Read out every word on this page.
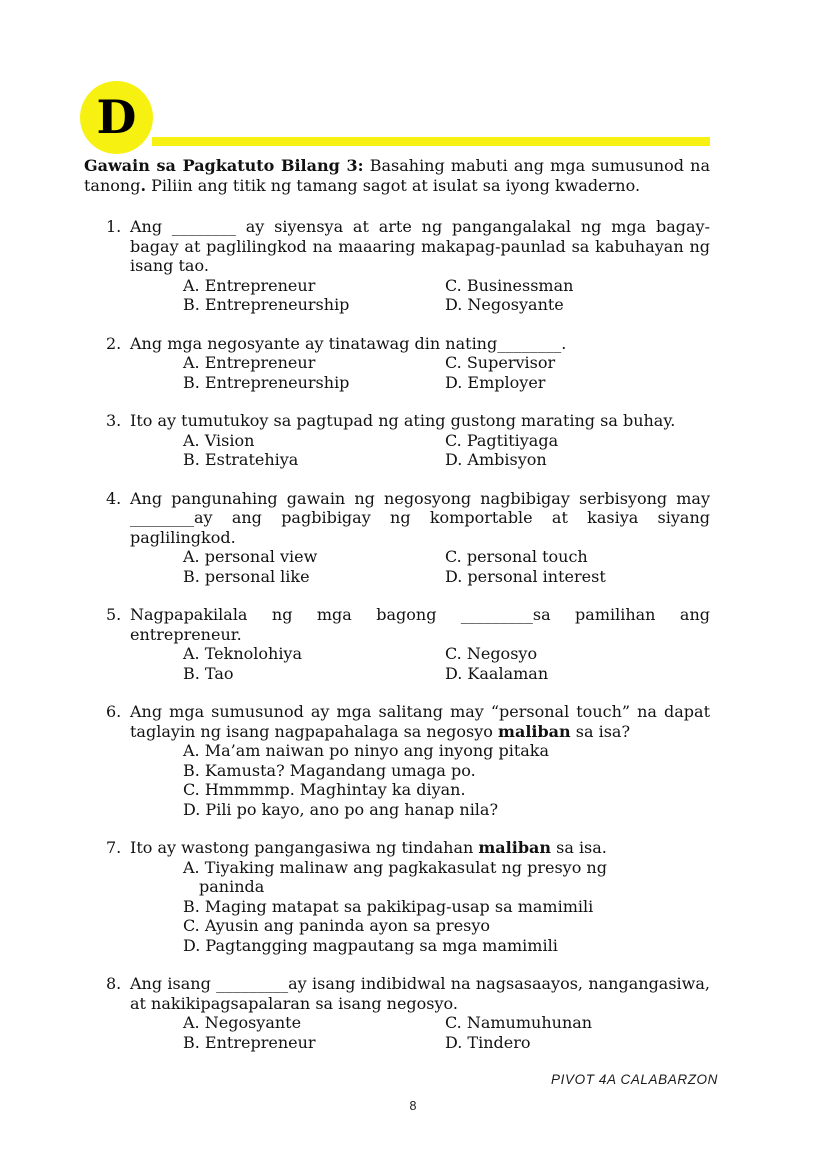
D

Gawain sa Pagkatuto Bilang 3: Basahing mabuti ang mga sumusunod na tanong. Piliin ang titik ng tamang sagot at isulat sa iyong kwaderno.

1. Ang ________ ay siyensya at arte ng pangangalakal ng mga bagay-bagay at paglilingkod na maaaring makapag-paunlad sa kabuhayan ng isang tao.

A. Entrepreneur
B. Entrepreneurship
C. Businessman
D. Negosyante
2. Ang mga negosyante ay tinatawag din nating________.

A. Entrepreneur
B. Entrepreneurship
C. Supervisor
D. Employer
3. Ito ay tumutukoy sa pagtupad ng ating gustong marating sa buhay.

A. Vision
B. Estratehiya
C. Pagtitiyaga
D. Ambisyon
4. Ang pangunahing gawain ng negosyong nagbibigay serbisyong may ________ay ang pagbibigay ng komportable at kasiya siyang paglilingkod.

A. personal view
B. personal like
C. personal touch
D. personal interest
5. Nagpapakilala ng mga bagong _________sa pamilihan ang entrepreneur.

A. Teknolohiya
B. Tao
C. Negosyo
D. Kaalaman
6. Ang mga sumusunod ay mga salitang may “personal touch” na dapat taglayin ng isang nagpapahalaga sa negosyo maliban sa isa?

A. Ma’am naiwan po ninyo ang inyong pitaka
B. Kamusta? Magandang umaga po.
C. Hmmmmp. Maghintay ka diyan.
D. Pili po kayo, ano po ang hanap nila?
7. Ito ay wastong pangangasiwa ng tindahan maliban sa isa.

A. Tiyaking malinaw ang pagkakasulat ng presyo ng paninda
B. Maging matapat sa pakikipag-usap sa mamimili
C. Ayusin ang paninda ayon sa presyo
D. Pagtangging magpautang sa mga mamimili
8. Ang isang _________ay isang indibidwal na nagsasaayos, nangangasiwa, at nakikipagsapalaran sa isang negosyo.

A. Negosyante
B. Entrepreneur
C. Namumuhunan
D. Tindero
PIVOT 4A CALABARZON
8
